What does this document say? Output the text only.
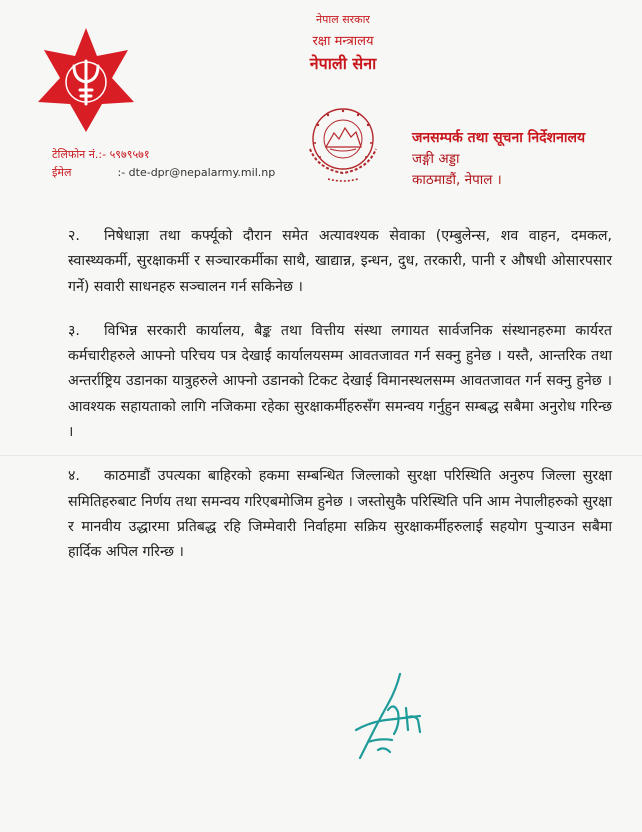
नेपाल सरकार
रक्षा मन्त्रालय
नेपाली सेना
टेलिफोन नं.:- ५९७९५७१
ईमेल	:- dte-dpr@nepalarmy.mil.np
जनसम्पर्क तथा सूचना निर्देशनालय
जङ्गी अड्डा
काठमाडौं, नेपाल ।

२. निषेधाज्ञा तथा कर्फ्यूको दौरान समेत अत्यावश्यक सेवाका (एम्बुलेन्स, शव वाहन, दमकल, स्वास्थ्यकर्मी, सुरक्षाकर्मी र सञ्चारकर्मीका साथै, खाद्यान्न, इन्धन, दुध, तरकारी, पानी र औषधी ओसारपसार गर्ने) सवारी साधनहरु सञ्चालन गर्न सकिनेछ ।

३. विभिन्न सरकारी कार्यालय, बैङ्क तथा वित्तीय संस्था लगायत सार्वजनिक संस्थानहरुमा कार्यरत कर्मचारीहरुले आफ्नो परिचय पत्र देखाई कार्यालयसम्म आवतजावत गर्न सक्नु हुनेछ । यस्तै, आन्तरिक तथा अन्तर्राष्ट्रिय उडानका यात्रुहरुले आफ्नो उडानको टिकट देखाई विमानस्थलसम्म आवतजावत गर्न सक्नु हुनेछ । आवश्यक सहायताको लागि नजिकमा रहेका सुरक्षाकर्मीहरुसँग समन्वय गर्नुहुन सम्बद्ध सबैमा अनुरोध गरिन्छ ।

४. काठमाडौं उपत्यका बाहिरको हकमा सम्बन्धित जिल्लाको सुरक्षा परिस्थिति अनुरुप जिल्ला सुरक्षा समितिहरुबाट निर्णय तथा समन्वय गरिएबमोजिम हुनेछ । जस्तोसुकै परिस्थिति पनि आम नेपालीहरुको सुरक्षा र मानवीय उद्धारमा प्रतिबद्ध रहि जिम्मेवारी निर्वाहमा सक्रिय सुरक्षाकर्मीहरुलाई सहयोग पुर्‍याउन सबैमा हार्दिक अपिल गरिन्छ ।
